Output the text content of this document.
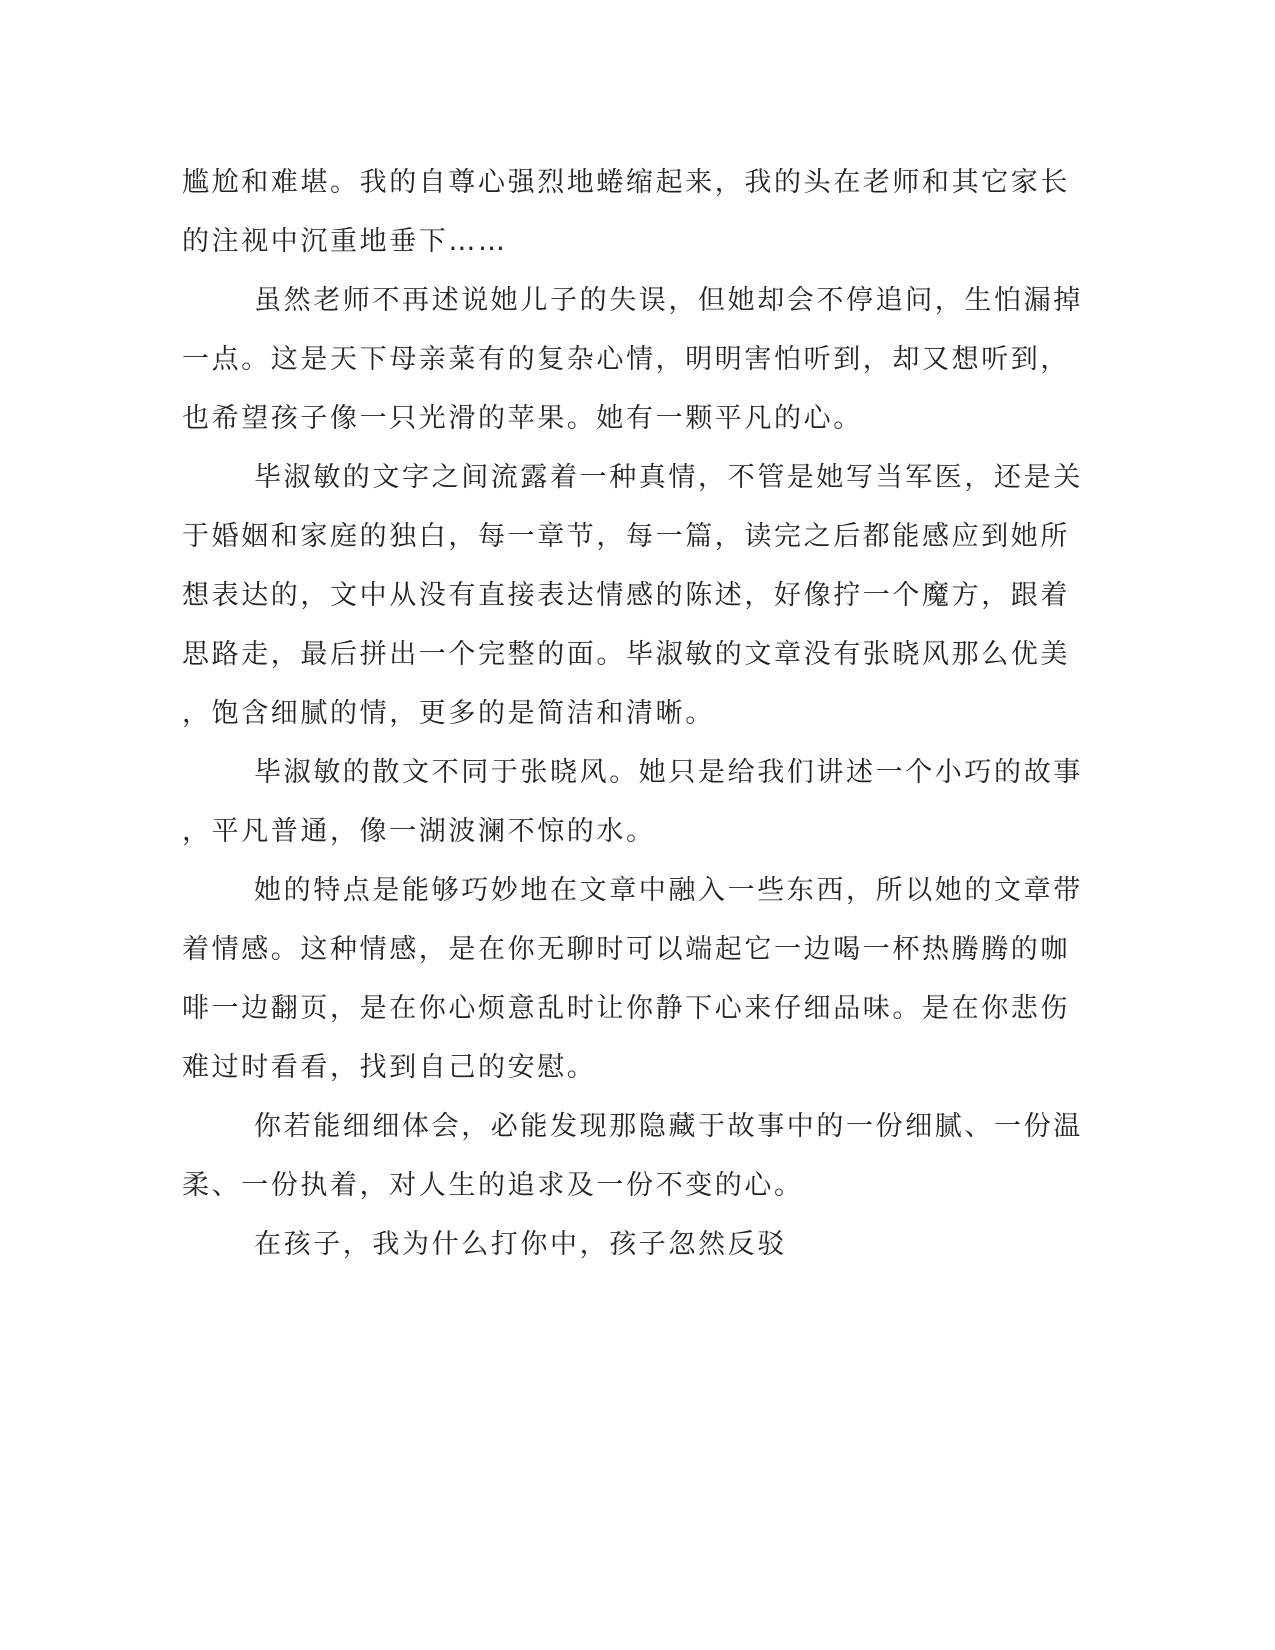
尴尬和难堪。我的自尊心强烈地蜷缩起来，我的头在老师和其它家长
的注视中沉重地垂下……
虽然老师不再述说她儿子的失误，但她却会不停追问，生怕漏掉
一点。这是天下母亲菜有的复杂心情，明明害怕听到，却又想听到，
也希望孩子像一只光滑的苹果。她有一颗平凡的心。
毕淑敏的文字之间流露着一种真情，不管是她写当军医，还是关
于婚姻和家庭的独白，每一章节，每一篇，读完之后都能感应到她所
想表达的，文中从没有直接表达情感的陈述，好像拧一个魔方，跟着
思路走，最后拼出一个完整的面。毕淑敏的文章没有张晓风那么优美
，饱含细腻的情，更多的是简洁和清晰。
毕淑敏的散文不同于张晓风。她只是给我们讲述一个小巧的故事
，平凡普通，像一湖波澜不惊的水。
她的特点是能够巧妙地在文章中融入一些东西，所以她的文章带
着情感。这种情感，是在你无聊时可以端起它一边喝一杯热腾腾的咖
啡一边翻页，是在你心烦意乱时让你静下心来仔细品味。是在你悲伤
难过时看看，找到自己的安慰。
你若能细细体会，必能发现那隐藏于故事中的一份细腻、一份温
柔、一份执着，对人生的追求及一份不变的心。
在孩子，我为什么打你中，孩子忽然反驳
